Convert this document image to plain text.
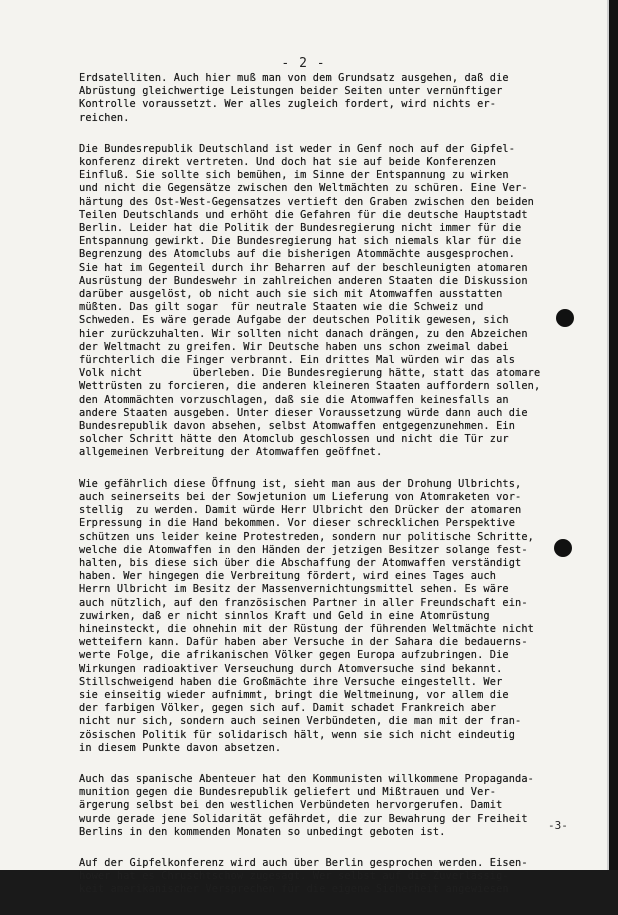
- 2 -
Erdsatelliten. Auch hier muß man von dem Grundsatz ausgehen, daß die
Abrüstung gleichwertige Leistungen beider Seiten unter vernünftiger
Kontrolle voraussetzt. Wer alles zugleich fordert, wird nichts er-
reichen.
Die Bundesrepublik Deutschland ist weder in Genf noch auf der Gipfel-
konferenz direkt vertreten. Und doch hat sie auf beide Konferenzen
Einfluß. Sie sollte sich bemühen, im Sinne der Entspannung zu wirken
und nicht die Gegensätze zwischen den Weltmächten zu schüren. Eine Ver-
härtung des Ost-West-Gegensatzes vertieft den Graben zwischen den beiden
Teilen Deutschlands und erhöht die Gefahren für die deutsche Hauptstadt
Berlin. Leider hat die Politik der Bundesregierung nicht immer für die
Entspannung gewirkt. Die Bundesregierung hat sich niemals klar für die
Begrenzung des Atomclubs auf die bisherigen Atommächte ausgesprochen.
Sie hat im Gegenteil durch ihr Beharren auf der beschleunigten atomaren
Ausrüstung der Bundeswehr in zahlreichen anderen Staaten die Diskussion
darüber ausgelöst, ob nicht auch sie sich mit Atomwaffen ausstatten
müßten. Das gilt sogar  für neutrale Staaten wie die Schweiz und
Schweden. Es wäre gerade Aufgabe der deutschen Politik gewesen, sich
hier zurückzuhalten. Wir sollten nicht danach drängen, zu den Abzeichen
der Weltmacht zu greifen. Wir Deutsche haben uns schon zweimal dabei
fürchterlich die Finger verbrannt. Ein drittes Mal würden wir das als
Volk nicht        überleben. Die Bundesregierung hätte, statt das atomare
Wettrüsten zu forcieren, die anderen kleineren Staaten auffordern sollen,
den Atommächten vorzuschlagen, daß sie die Atomwaffen keinesfalls an
andere Staaten ausgeben. Unter dieser Voraussetzung würde dann auch die
Bundesrepublik davon absehen, selbst Atomwaffen entgegenzunehmen. Ein
solcher Schritt hätte den Atomclub geschlossen und nicht die Tür zur
allgemeinen Verbreitung der Atomwaffen geöffnet.
Wie gefährlich diese Öffnung ist, sieht man aus der Drohung Ulbrichts,
auch seinerseits bei der Sowjetunion um Lieferung von Atomraketen vor-
stellig  zu werden. Damit würde Herr Ulbricht den Drücker der atomaren
Erpressung in die Hand bekommen. Vor dieser schrecklichen Perspektive
schützen uns leider keine Protestreden, sondern nur politische Schritte,
welche die Atomwaffen in den Händen der jetzigen Besitzer solange fest-
halten, bis diese sich über die Abschaffung der Atomwaffen verständigt
haben. Wer hingegen die Verbreitung fördert, wird eines Tages auch
Herrn Ulbricht im Besitz der Massenvernichtungsmittel sehen. Es wäre
auch nützlich, auf den französischen Partner in aller Freundschaft ein-
zuwirken, daß er nicht sinnlos Kraft und Geld in eine Atomrüstung
hineinsteckt, die ohnehin mit der Rüstung der führenden Weltmächte nicht
wetteifern kann. Dafür haben aber Versuche in der Sahara die bedauerns-
werte Folge, die afrikanischen Völker gegen Europa aufzubringen. Die
Wirkungen radioaktiver Verseuchung durch Atomversuche sind bekannt.
Stillschweigend haben die Großmächte ihre Versuche eingestellt. Wer
sie einseitig wieder aufnimmt, bringt die Weltmeinung, vor allem die
der farbigen Völker, gegen sich auf. Damit schadet Frankreich aber
nicht nur sich, sondern auch seinen Verbündeten, die man mit der fran-
zösischen Politik für solidarisch hält, wenn sie sich nicht eindeutig
in diesem Punkte davon absetzen.
Auch das spanische Abenteuer hat den Kommunisten willkommene Propaganda-
munition gegen die Bundesrepublik geliefert und Mißtrauen und Ver-
ärgerung selbst bei den westlichen Verbündeten hervorgerufen. Damit
wurde gerade jene Solidarität gefährdet, die zur Bewahrung der Freiheit
Berlins in den kommenden Monaten so unbedingt geboten ist.
Auf der Gipfelkonferenz wird auch über Berlin gesprochen werden. Eisen-
hower hat es Chruschtschow zugesagt. Wer selbst auf die Zuverlässig-
keit amerikanischer Versprechen für die eigene Sicherheit angewiesen
-3-
